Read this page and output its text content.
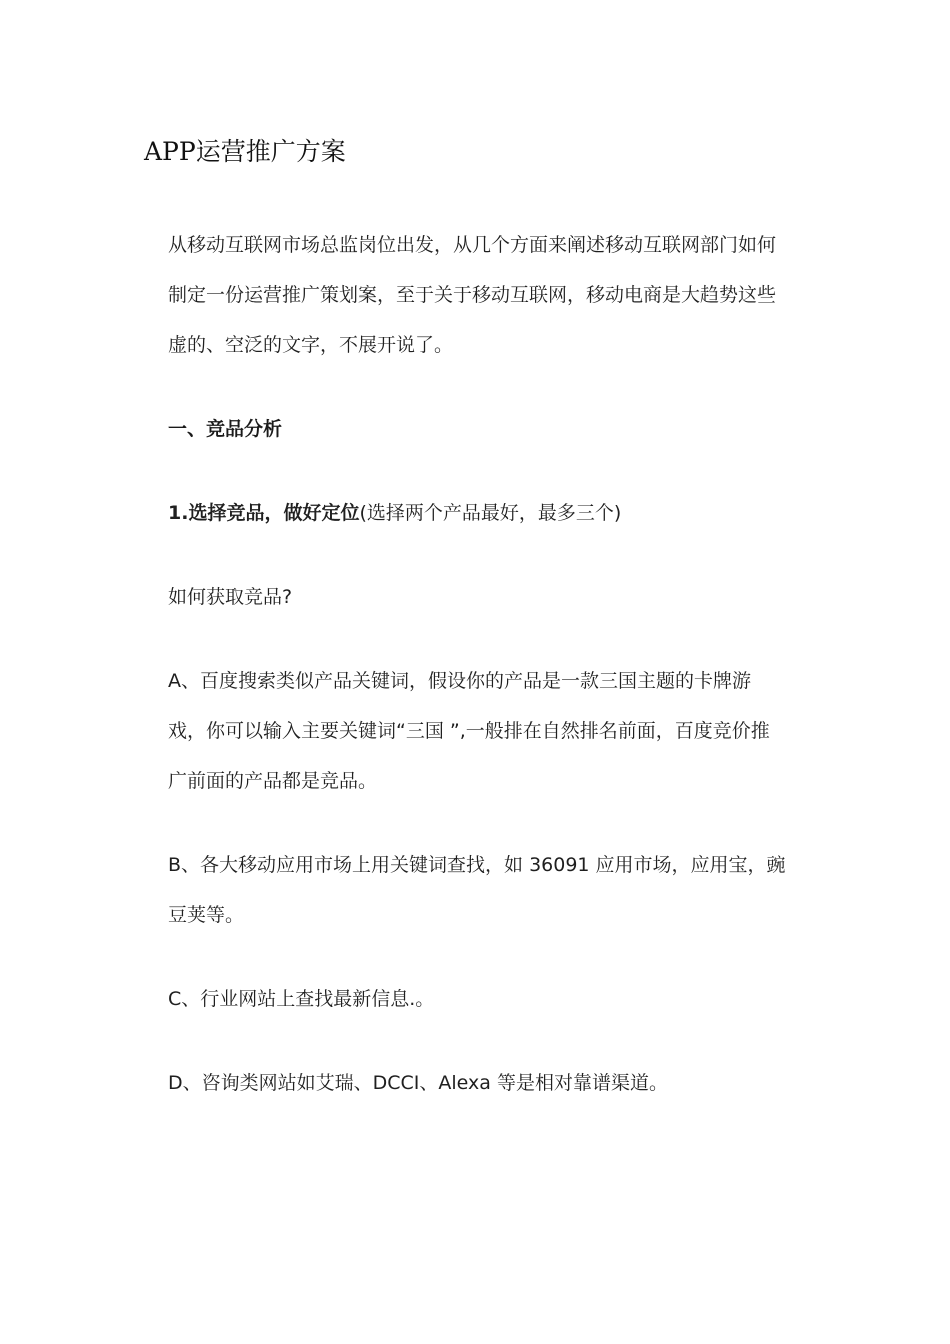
APP运营推广方案

从移动互联网市场总监岗位出发，从几个方面来阐述移动互联网部门如何制定一份运营推广策划案，至于关于移动互联网，移动电商是大趋势这些虚的、空泛的文字，不展开说了。

一、竞品分析

1.选择竞品，做好定位(选择两个产品最好，最多三个)

如何获取竞品?

A、百度搜索类似产品关键词，假设你的产品是一款三国主题的卡牌游戏，你可以输入主要关键词“三国 ”,一般排在自然排名前面，百度竞价推广前面的产品都是竞品。

B、各大移动应用市场上用关键词查找，如 36091 应用市场，应用宝，豌豆荚等。

C、行业网站上查找最新信息.。

D、咨询类网站如艾瑞、DCCI、Alexa 等是相对靠谱渠道。
